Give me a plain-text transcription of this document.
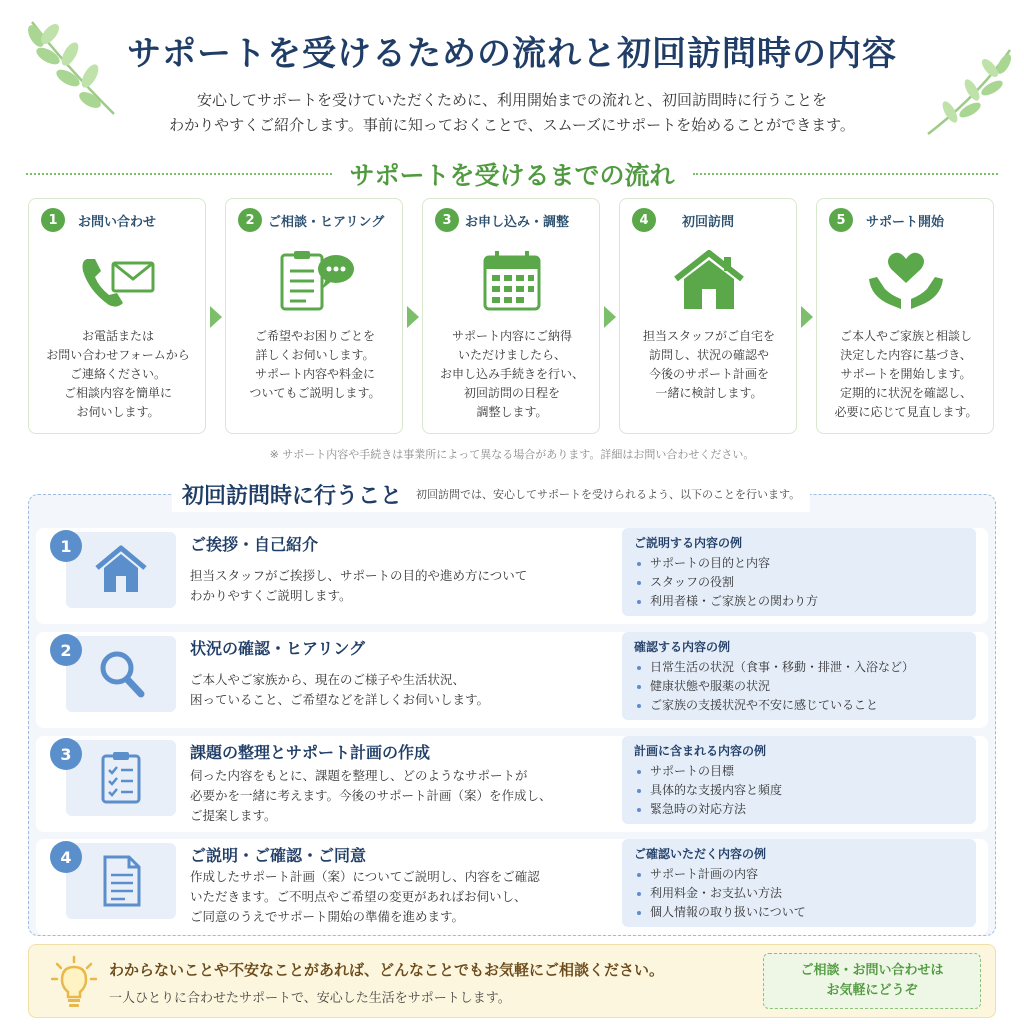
サポートを受けるための流れと初回訪問時の内容
安心してサポートを受けていただくために、利用開始までの流れと、初回訪問時に行うことを
わかりやすくご紹介します。事前に知っておくことで、スムーズにサポートを始めることができます。
サポートを受けるまでの流れ
1	お問い合わせ
お電話または
お問い合わせフォームから
ご連絡ください。
ご相談内容を簡単に
お伺いします。
2	ご相談・ヒアリング
ご希望やお困りごとを
詳しくお伺いします。
サポート内容や料金に
ついてもご説明します。
3	お申し込み・調整
サポート内容にご納得
いただけましたら、
お申し込み手続きを行い、
初回訪問の日程を
調整します。
4	初回訪問
担当スタッフがご自宅を
訪問し、状況の確認や
今後のサポート計画を
一緒に検討します。
5	サポート開始
ご本人やご家族と相談し
決定した内容に基づき、
サポートを開始します。
定期的に状況を確認し、
必要に応じて見直します。
※ サポート内容や手続きは事業所によって異なる場合があります。詳細はお問い合わせください。
初回訪問時に行うこと 初回訪問では、安心してサポートを受けられるよう、以下のことを行います。
1	ご挨拶・自己紹介
担当スタッフがご挨拶し、サポートの目的や進め方について
わかりやすくご説明します。
ご説明する内容の例
サポートの目的と内容
スタッフの役割
利用者様・ご家族との関わり方
2	状況の確認・ヒアリング
ご本人やご家族から、現在のご様子や生活状況、
困っていること、ご希望などを詳しくお伺いします。
確認する内容の例
日常生活の状況（食事・移動・排泄・入浴など）
健康状態や服薬の状況
ご家族の支援状況や不安に感じていること
3	課題の整理とサポート計画の作成
伺った内容をもとに、課題を整理し、どのようなサポートが
必要かを一緒に考えます。今後のサポート計画（案）を作成し、
ご提案します。
計画に含まれる内容の例
サポートの目標
具体的な支援内容と頻度
緊急時の対応方法
4	ご説明・ご確認・ご同意
作成したサポート計画（案）についてご説明し、内容をご確認
いただきます。ご不明点やご希望の変更があればお伺いし、
ご同意のうえでサポート開始の準備を進めます。
ご確認いただく内容の例
サポート計画の内容
利用料金・お支払い方法
個人情報の取り扱いについて
わからないことや不安なことがあれば、どんなことでもお気軽にご相談ください。
一人ひとりに合わせたサポートで、安心した生活をサポートします。
ご相談・お問い合わせは
お気軽にどうぞ
